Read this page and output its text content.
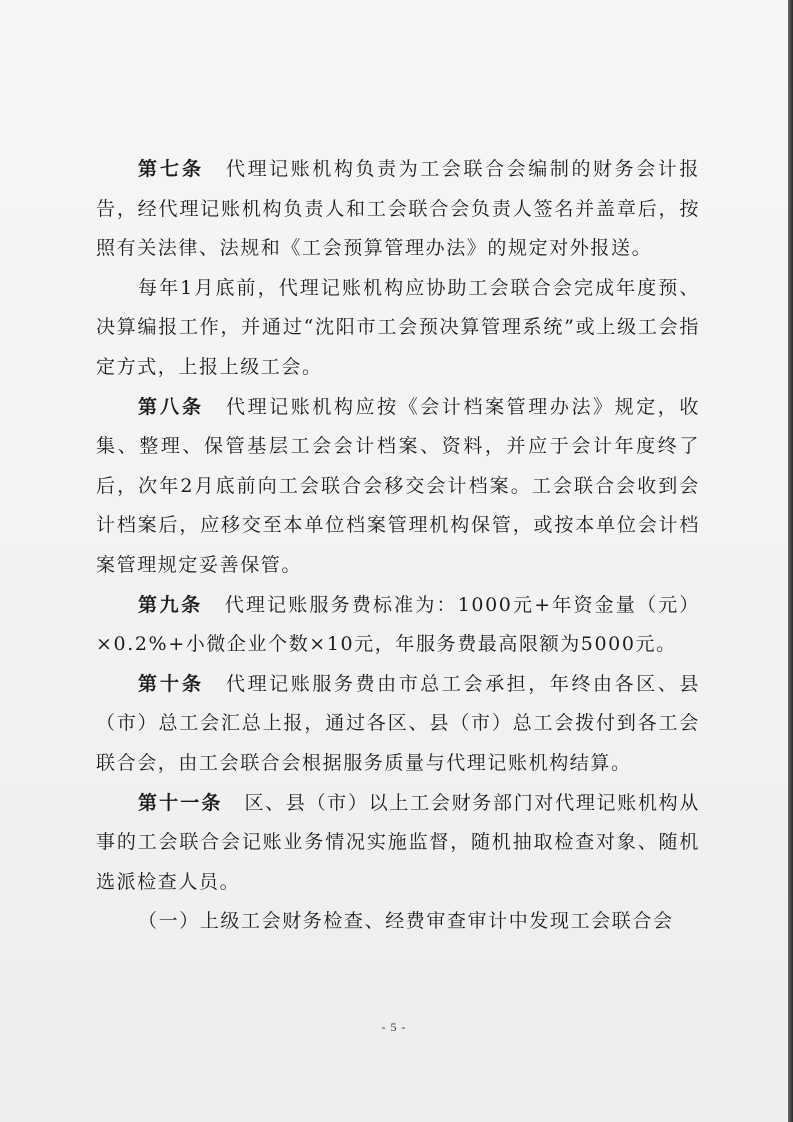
第七条 代理记账机构负责为工会联合会编制的财务会计报告，经代理记账机构负责人和工会联合会负责人签名并盖章后，按照有关法律、法规和《工会预算管理办法》的规定对外报送。

每年1月底前，代理记账机构应协助工会联合会完成年度预、决算编报工作，并通过“沈阳市工会预决算管理系统”或上级工会指定方式，上报上级工会。

第八条 代理记账机构应按《会计档案管理办法》规定，收集、整理、保管基层工会会计档案、资料，并应于会计年度终了后，次年2月底前向工会联合会移交会计档案。工会联合会收到会计档案后，应移交至本单位档案管理机构保管，或按本单位会计档案管理规定妥善保管。

第九条 代理记账服务费标准为：1000元+年资金量（元）×0.2%+小微企业个数×10元，年服务费最高限额为5000元。

第十条 代理记账服务费由市总工会承担，年终由各区、县（市）总工会汇总上报，通过各区、县（市）总工会拨付到各工会联合会，由工会联合会根据服务质量与代理记账机构结算。

第十一条 区、县（市）以上工会财务部门对代理记账机构从事的工会联合会记账业务情况实施监督，随机抽取检查对象、随机选派检查人员。

（一）上级工会财务检查、经费审查审计中发现工会联合会

- 5 -
